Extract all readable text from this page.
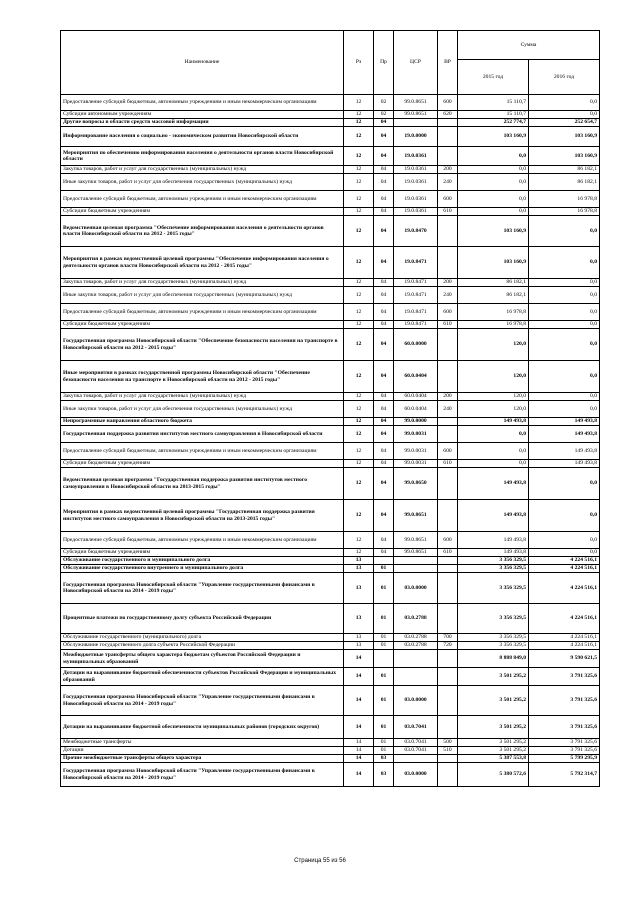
Наименование	Рз	Пр	ЦСР	ВР	Сумма	
					2015 год	2016 год
Предоставление субсидий бюджетным, автономным учреждениям и иным некоммерческим организациям	12	02	99.0.8651	600	15 110,7	0,0
Субсидии автономным учреждениям	12	02	99.0.8651	620	15 110,7	0,0
Другие вопросы в области средств массовой информации	12	04			252 774,7	252 654,7
Информирование населения о социально - экономическом развитии Новосибирской области	12	04	19.0.0000		103 160,9	103 160,9
Мероприятия по обеспечению информирования населения о деятельности органов власти Новосибирской области	12	04	19.0.0361		0,0	103 160,9
Закупка товаров, работ и услуг для государственных (муниципальных) нужд	12	04	19.0.0361	200	0,0	86 182,1
Иные закупки товаров, работ и услуг для обеспечения государственных (муниципальных) нужд	12	04	19.0.0361	240	0,0	86 182,1
Предоставление субсидий бюджетным, автономным учреждениям и иным некоммерческим организациям	12	04	19.0.0361	600	0,0	16 978,8
Субсидии бюджетным учреждениям	12	04	19.0.0361	610	0,0	16 978,8
Ведомственная целевая программа "Обеспечение информирования населения о деятельности органов власти Новосибирской области на 2012 - 2015 годы"	12	04	19.0.8470		103 160,9	0,0
Мероприятия в рамках ведомственной целевой программы "Обеспечение информирования населения о деятельности органов власти Новосибирской области на 2012 - 2015 годы"	12	04	19.0.8471		103 160,9	0,0
Закупка товаров, работ и услуг для государственных (муниципальных) нужд	12	04	19.0.8471	200	86 182,1	0,0
Иные закупки товаров, работ и услуг для обеспечения государственных (муниципальных) нужд	12	04	19.0.8471	240	86 182,1	0,0
Предоставление субсидий бюджетным, автономным учреждениям и иным некоммерческим организациям	12	04	19.0.8471	600	16 978,8	0,0
Субсидии бюджетным учреждениям	12	04	19.0.8471	610	16 978,8	0,0
Государственная программа Новосибирской области "Обеспечение безопасности населения на транспорте в Новосибирской области на 2012 - 2015 годы"	12	04	60.0.0000		120,0	0,0
Иные мероприятия в рамках государственной программы Новосибирской области "Обеспечение безопасности населения на транспорте в Новосибирской области на 2012 - 2015 годы"	12	04	60.0.0404		120,0	0,0
Закупка товаров, работ и услуг для государственных (муниципальных) нужд	12	04	60.0.0404	200	120,0	0,0
Иные закупки товаров, работ и услуг для обеспечения государственных (муниципальных) нужд	12	04	60.0.0404	240	120,0	0,0
Непрограммные направления областного бюджета	12	04	99.0.0000		149 493,8	149 493,8
Государственная поддержка развития институтов местного самоуправления в Новосибирской области	12	04	99.0.0031		0,0	149 493,8
Предоставление субсидий бюджетным, автономным учреждениям и иным некоммерческим организациям	12	04	99.0.0031	600	0,0	149 493,8
Субсидии бюджетным учреждениям	12	04	99.0.0031	610	0,0	149 493,8
Ведомственная целевая программа "Государственная поддержка развития институтов местного самоуправления в Новосибирской области на 2013-2015 годы"	12	04	99.0.8650		149 493,8	0,0
Мероприятия в рамках ведомственной целевой программы "Государственная поддержка развития институтов местного самоуправления в Новосибирской области на 2013-2015 годы"	12	04	99.0.8651		149 493,8	0,0
Предоставление субсидий бюджетным, автономным учреждениям и иным некоммерческим организациям	12	04	99.0.8651	600	149 493,8	0,0
Субсидии бюджетным учреждениям	12	04	99.0.8651	610	149 493,8	0,0
Обслуживание государственного и муниципального долга	13				3 356 329,5	4 224 516,1
Обслуживание государственного внутреннего и муниципального долга	13	01			3 356 329,5	4 224 516,1
Государственная программа Новосибирской области "Управление государственными финансами в Новосибирской области на 2014 - 2019 годы"	13	01	03.0.0000		3 356 329,5	4 224 516,1
Процентные платежи по государственному долгу субъекта Российской Федерации	13	01	03.0.2788		3 356 329,5	4 224 516,1
Обслуживание государственного (муниципального) долга	13	01	03.0.2788	700	3 356 329,5	4 224 516,1
Обслуживание государственного долга субъекта Российской Федерации	13	01	03.0.2788	720	3 356 329,5	4 224 516,1
Межбюджетные трансферты общего характера бюджетам субъектов Российской Федерации и муниципальных образований	14				8 888 849,0	9 590 621,5
Дотации на выравнивание бюджетной обеспеченности субъектов Российской Федерации и муниципальных образований	14	01			3 501 295,2	3 791 325,6
Государственная программа Новосибирской области "Управление государственными финансами в Новосибирской области на 2014 - 2019 годы"	14	01	03.0.0000		3 501 295,2	3 791 325,6
Дотации на выравнивание бюджетной обеспеченности муниципальных районов (городских округов)	14	01	03.0.7041		3 501 295,2	3 791 325,6
Межбюджетные трансферты	14	01	03.0.7041	500	3 501 295,2	3 791 325,6
Дотации	14	01	03.0.7041	510	3 501 295,2	3 791 325,6
Прочие межбюджетные трансферты общего характера	14	03			5 387 553,8	5 799 295,9
Государственная программа Новосибирской области "Управление государственными финансами в Новосибирской области на 2014 - 2019 годы"	14	03	03.0.0000		5 380 572,6	5 792 314,7
Страница 55 из 56
